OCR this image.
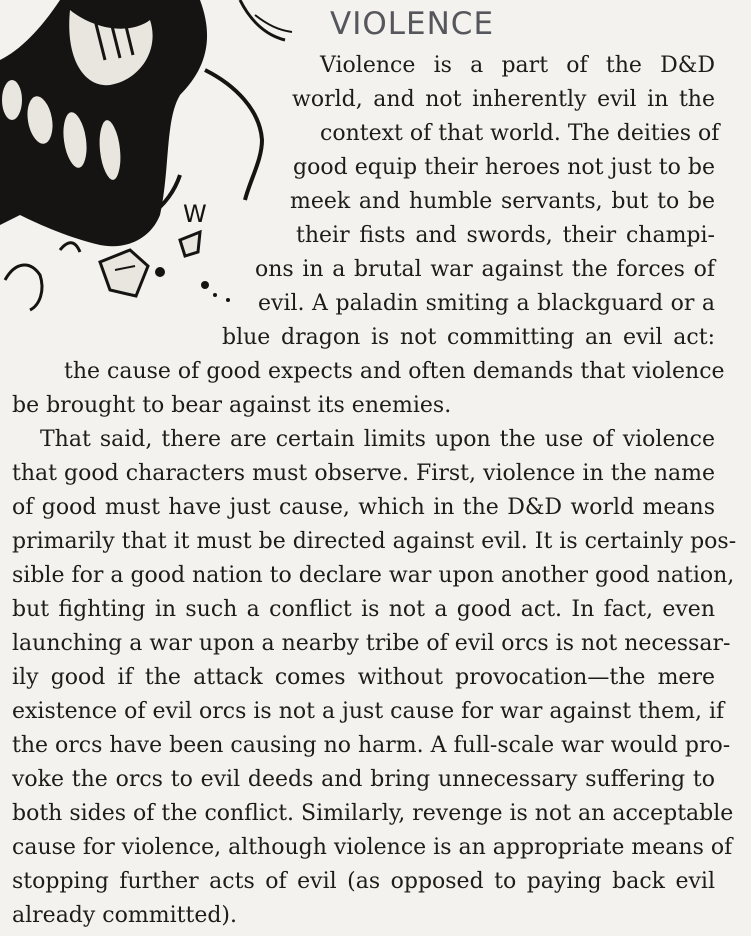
W
VIOLENCE
Violence is a part of the D&D
world, and not inherently evil in the
context of that world. The deities of
good equip their heroes not just to be
meek and humble servants, but to be
their fists and swords, their champi-
ons in a brutal war against the forces of
evil. A paladin smiting a blackguard or a
blue dragon is not committing an evil act:
the cause of good expects and often demands that violence
be brought to bear against its enemies.
That said, there are certain limits upon the use of violence
that good characters must observe. First, violence in the name
of good must have just cause, which in the D&D world means
primarily that it must be directed against evil. It is certainly pos-
sible for a good nation to declare war upon another good nation,
but fighting in such a conflict is not a good act. In fact, even
launching a war upon a nearby tribe of evil orcs is not necessar-
ily good if the attack comes without provocation—the mere
existence of evil orcs is not a just cause for war against them, if
the orcs have been causing no harm. A full-scale war would pro-
voke the orcs to evil deeds and bring unnecessary suffering to
both sides of the conflict. Similarly, revenge is not an acceptable
cause for violence, although violence is an appropriate means of
stopping further acts of evil (as opposed to paying back evil
already committed).
